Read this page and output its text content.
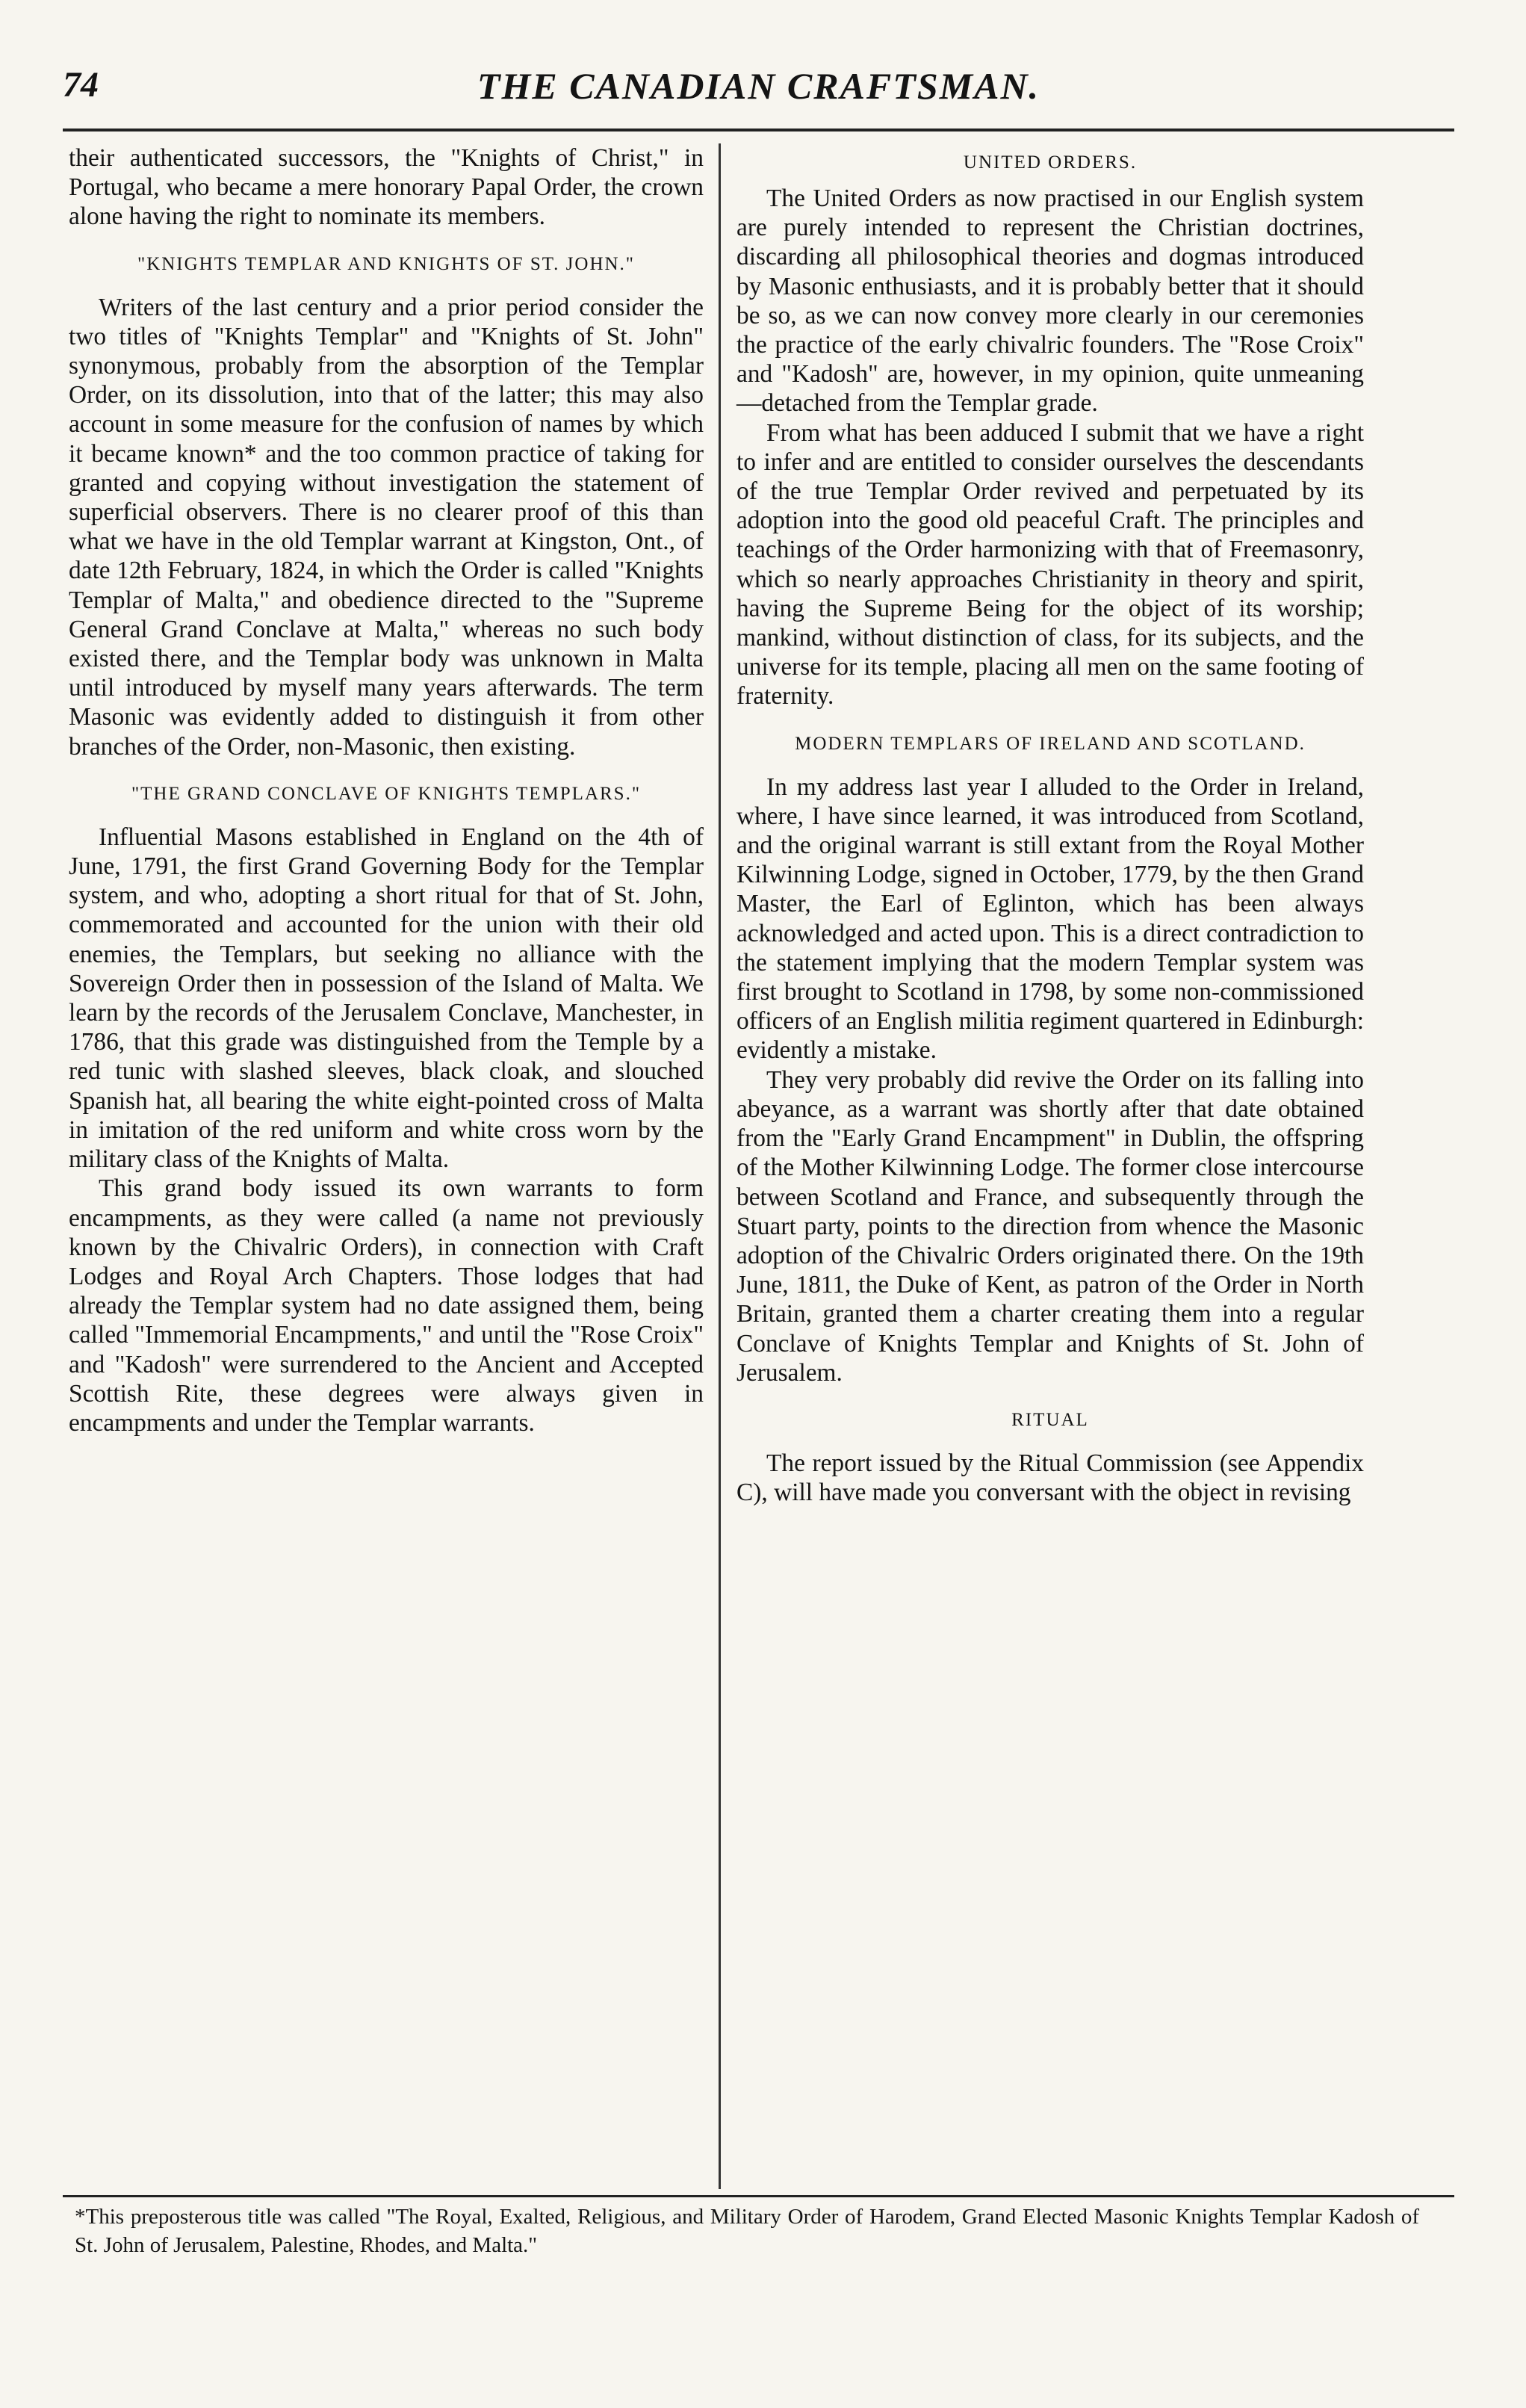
74	THE CANADIAN CRAFTSMAN.

their authenticated successors, the "Knights of Christ," in Portugal, who became a mere honorary Papal Order, the crown alone having the right to nominate its members.

"KNIGHTS TEMPLAR AND KNIGHTS OF ST. JOHN."

Writers of the last century and a prior period consider the two titles of "Knights Templar" and "Knights of St. John" synonymous, probably from the absorption of the Templar Order, on its dissolution, into that of the latter; this may also account in some measure for the confusion of names by which it became known* and the too common practice of taking for granted and copying without investigation the statement of superficial observers. There is no clearer proof of this than what we have in the old Templar warrant at Kingston, Ont., of date 12th February, 1824, in which the Order is called "Knights Templar of Malta," and obedience directed to the "Supreme General Grand Conclave at Malta," whereas no such body existed there, and the Templar body was unknown in Malta until introduced by myself many years afterwards. The term Masonic was evidently added to distinguish it from other branches of the Order, non-Masonic, then existing.

"THE GRAND CONCLAVE OF KNIGHTS TEMPLARS."

Influential Masons established in England on the 4th of June, 1791, the first Grand Governing Body for the Templar system, and who, adopting a short ritual for that of St. John, commemorated and accounted for the union with their old enemies, the Templars, but seeking no alliance with the Sovereign Order then in possession of the Island of Malta. We learn by the records of the Jerusalem Conclave, Manchester, in 1786, that this grade was distinguished from the Temple by a red tunic with slashed sleeves, black cloak, and slouched Spanish hat, all bearing the white eight-pointed cross of Malta in imitation of the red uniform and white cross worn by the military class of the Knights of Malta.

This grand body issued its own warrants to form encampments, as they were called (a name not previously known by the Chivalric Orders), in connection with Craft Lodges and Royal Arch Chapters. Those lodges that had already the Templar system had no date assigned them, being called "Immemorial Encampments," and until the "Rose Croix" and "Kadosh" were surrendered to the Ancient and Accepted Scottish Rite, these degrees were always given in encampments and under the Templar warrants.

UNITED ORDERS.

The United Orders as now practised in our English system are purely intended to represent the Christian doctrines, discarding all philosophical theories and dogmas introduced by Masonic enthusiasts, and it is probably better that it should be so, as we can now convey more clearly in our ceremonies the practice of the early chivalric founders. The "Rose Croix" and "Kadosh" are, however, in my opinion, quite unmeaning—detached from the Templar grade.

From what has been adduced I submit that we have a right to infer and are entitled to consider ourselves the descendants of the true Templar Order revived and perpetuated by its adoption into the good old peaceful Craft. The principles and teachings of the Order harmonizing with that of Freemasonry, which so nearly approaches Christianity in theory and spirit, having the Supreme Being for the object of its worship; mankind, without distinction of class, for its subjects, and the universe for its temple, placing all men on the same footing of fraternity.

MODERN TEMPLARS OF IRELAND AND SCOTLAND.

In my address last year I alluded to the Order in Ireland, where, I have since learned, it was introduced from Scotland, and the original warrant is still extant from the Royal Mother Kilwinning Lodge, signed in October, 1779, by the then Grand Master, the Earl of Eglinton, which has been always acknowledged and acted upon. This is a direct contradiction to the statement implying that the modern Templar system was first brought to Scotland in 1798, by some non-commissioned officers of an English militia regiment quartered in Edinburgh: evidently a mistake.

They very probably did revive the Order on its falling into abeyance, as a warrant was shortly after that date obtained from the "Early Grand Encampment" in Dublin, the offspring of the Mother Kilwinning Lodge. The former close intercourse between Scotland and France, and subsequently through the Stuart party, points to the direction from whence the Masonic adoption of the Chivalric Orders originated there. On the 19th June, 1811, the Duke of Kent, as patron of the Order in North Britain, granted them a charter creating them into a regular Conclave of Knights Templar and Knights of St. John of Jerusalem.

RITUAL

The report issued by the Ritual Commission (see Appendix C), will have made you conversant with the object in revising

*This preposterous title was called "The Royal, Exalted, Religious, and Military Order of Harodem, Grand Elected Masonic Knights Templar Kadosh of St. John of Jerusalem, Palestine, Rhodes, and Malta."
